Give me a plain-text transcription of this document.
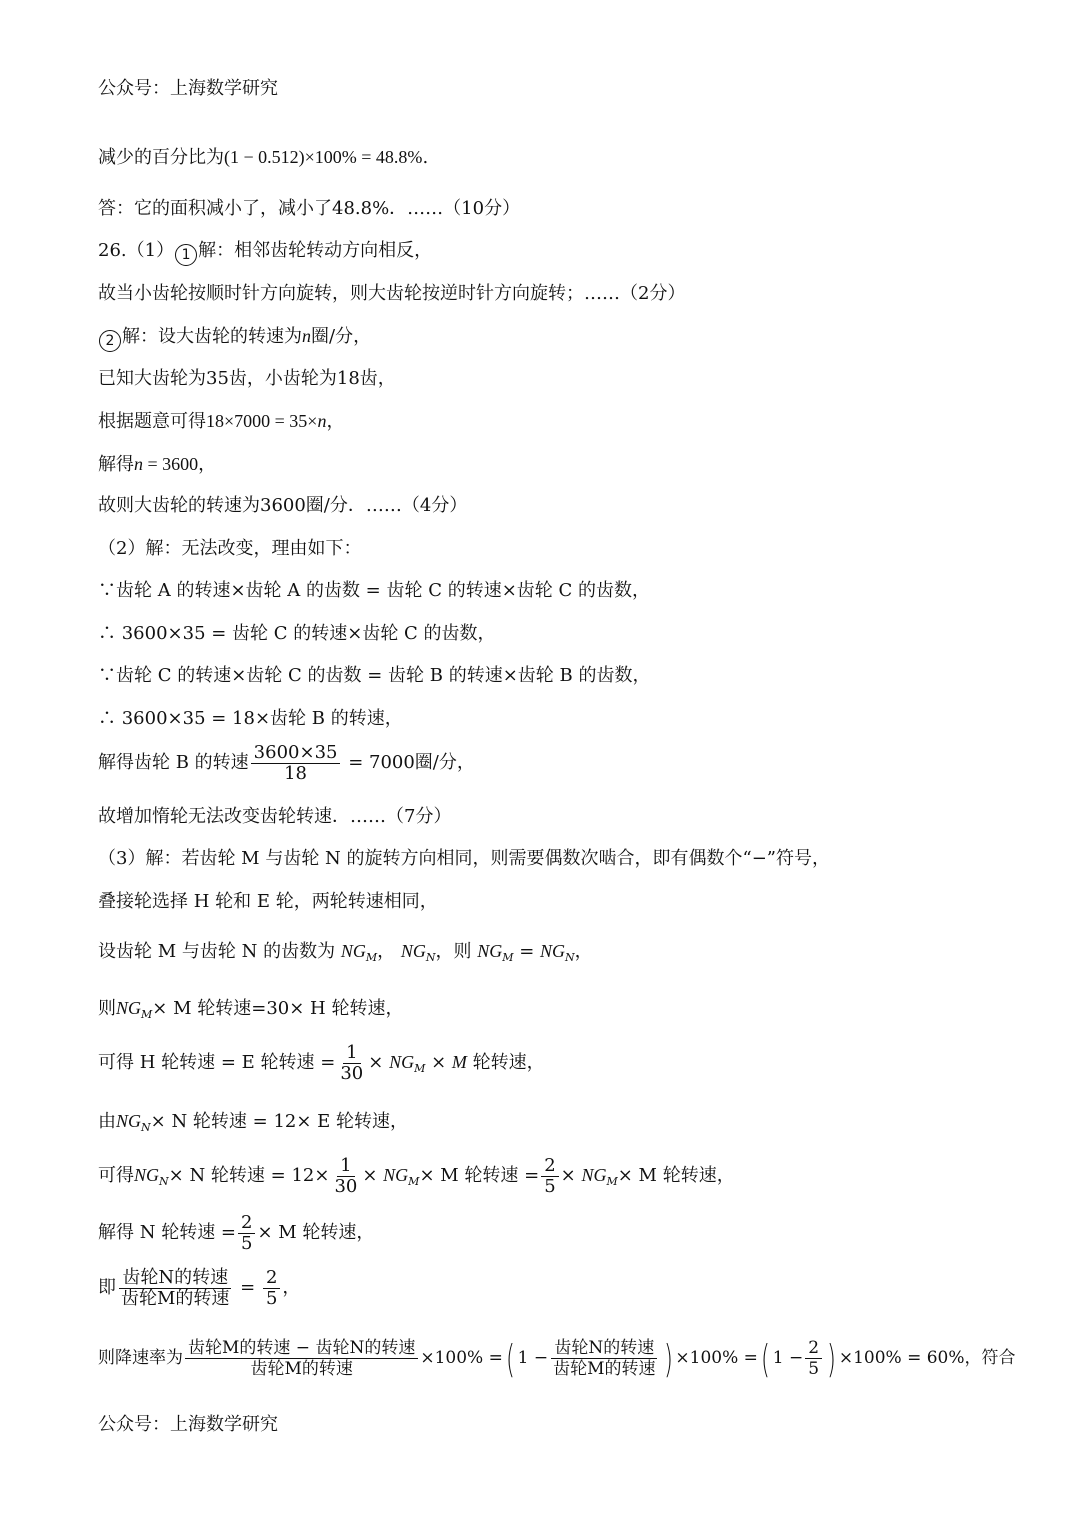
公众号：上海数学研究
减少的百分比为(1 − 0.512)×100% = 48.8%.
答：它的面积减小了，减小了48.8%．……（10分）
26.（1） 1 解：相邻齿轮转动方向相反，
故当小齿轮按顺时针方向旋转，则大齿轮按逆时针方向旋转；……（2分）
2 解：设大齿轮的转速为n圈/分，
已知大齿轮为35齿，小齿轮为18齿，
根据题意可得18×7000 = 35×n，
解得n = 3600，
故则大齿轮的转速为3600圈/分．……（4分）
（2）解：无法改变，理由如下：
∵齿轮 A 的转速×齿轮 A 的齿数 = 齿轮 C 的转速×齿轮 C 的齿数，
∴ 3600×35 = 齿轮 C 的转速×齿轮 C 的齿数，
∵齿轮 C 的转速×齿轮 C 的齿数 = 齿轮 B 的转速×齿轮 B 的齿数，
∴ 3600×35 = 18×齿轮 B 的转速，
解得齿轮 B 的转速 $\frac{3600\times 35}{18} = 7000$圈/分，
故增加惰轮无法改变齿轮转速．……（7分）
（3）解：若齿轮 M 与齿轮 N 的旋转方向相同，则需要偶数次啮合，即有偶数个“−”符号，
叠接轮选择 H 轮和 E 轮，两轮转速相同，
设齿轮 M 与齿轮 N 的齿数为 $NG_M$， $NG_N$，则 $NG_M = NG_N$，
则$NG_M\times M$ 轮转速=30× H 轮转速，
可得 H 轮转速 = E 轮转速 = $\frac{1}{30} \times NG_M \times M$ 轮转速，
由$NG_N\times N$ 轮转速 = 12× E 轮转速，
可得$NG_N\times N$ 轮转速 = $12\times \frac{1}{30} \times NG_M\times M$ 轮转速 = $\frac{2}{5} \times NG_M\times M$ 轮转速，
解得 N 轮转速 = $\frac{2}{5} \times M$ 轮转速，
即 $\frac{\text{齿轮N的转速}}{\text{齿轮M的转速}} = \frac{2}{5}$ ，
则降速率为 $\frac{\text{齿轮M的转速 − 齿轮N的转速}}{\text{齿轮M的转速}} \times 100\%$ =( $1 - \frac{\text{齿轮N的转速}}{\text{齿轮M的转速}}$ ) ×100% =( $1 - \frac{2}{5}$ ) ×100% = 60%，符合
公众号：上海数学研究
